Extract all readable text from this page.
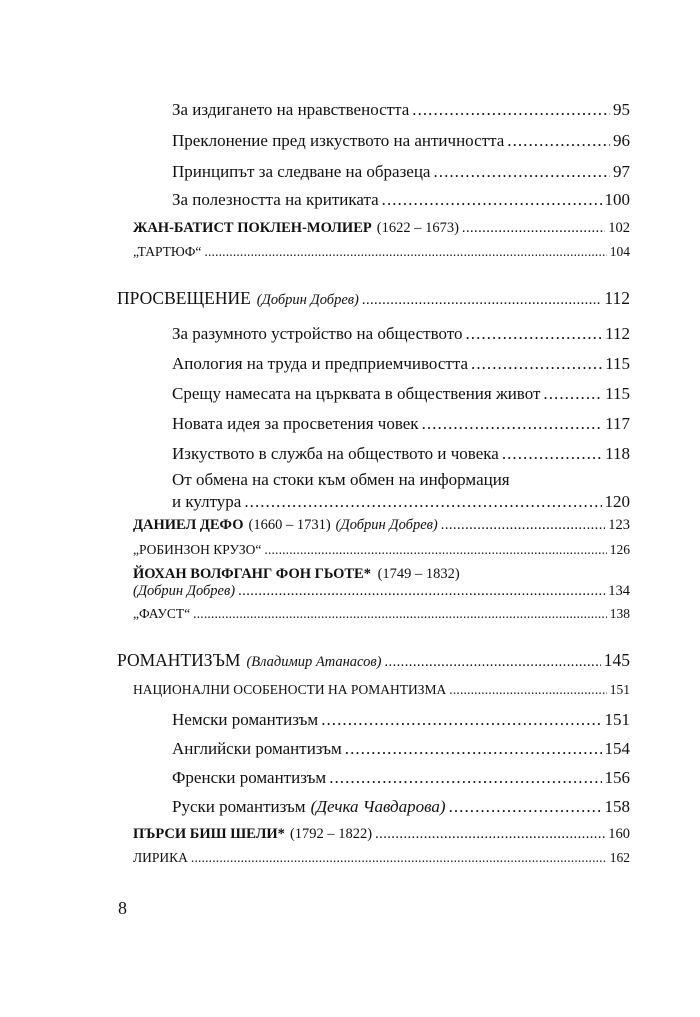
За издигането на нравствеността . . .	95
Преклонение пред изкуството на античността . . .	96
Принципът за следване на образеца . . .	97
За полезността на критиката . . .	100
ЖАН-БАТИСТ ПОКЛЕН-МОЛИЕР (1622 – 1673) . . .	102
„ТАРТЮФ“ . . .	104
ПРОСВЕЩЕНИЕ (Добрин Добрев) . . .	112
За разумното устройство на обществото . . .	112
Апология на труда и предприемчивостта . . .	115
Срещу намесата на църквата в обществения живот . . .	115
Новата идея за просветения човек . . .	117
Изкуството в служба на обществото и човека . . .	118
От обмена на стоки към обмен на информация
и култура . . .	120
ДАНИЕЛ ДЕФО (1660 – 1731) (Добрин Добрев) . . .	123
„РОБИНЗОН КРУЗО“ . . .	126
ЙОХАН ВОЛФГАНГ ФОН ГЬОТЕ* (1749 – 1832)
(Добрин Добрев) . . .	134
„ФАУСТ“ . . .	138
РОМАНТИЗЪМ (Владимир Атанасов) . . .	145
НАЦИОНАЛНИ ОСОБЕНОСТИ НА РОМАНТИЗМА . . .	151
Немски романтизъм . . .	151
Английски романтизъм . . .	154
Френски романтизъм . . .	156
Руски романтизъм (Дечка Чавдарова) . . .	158
ПЪРСИ БИШ ШЕЛИ* (1792 – 1822) . . .	160
ЛИРИКА . . .	162
8
